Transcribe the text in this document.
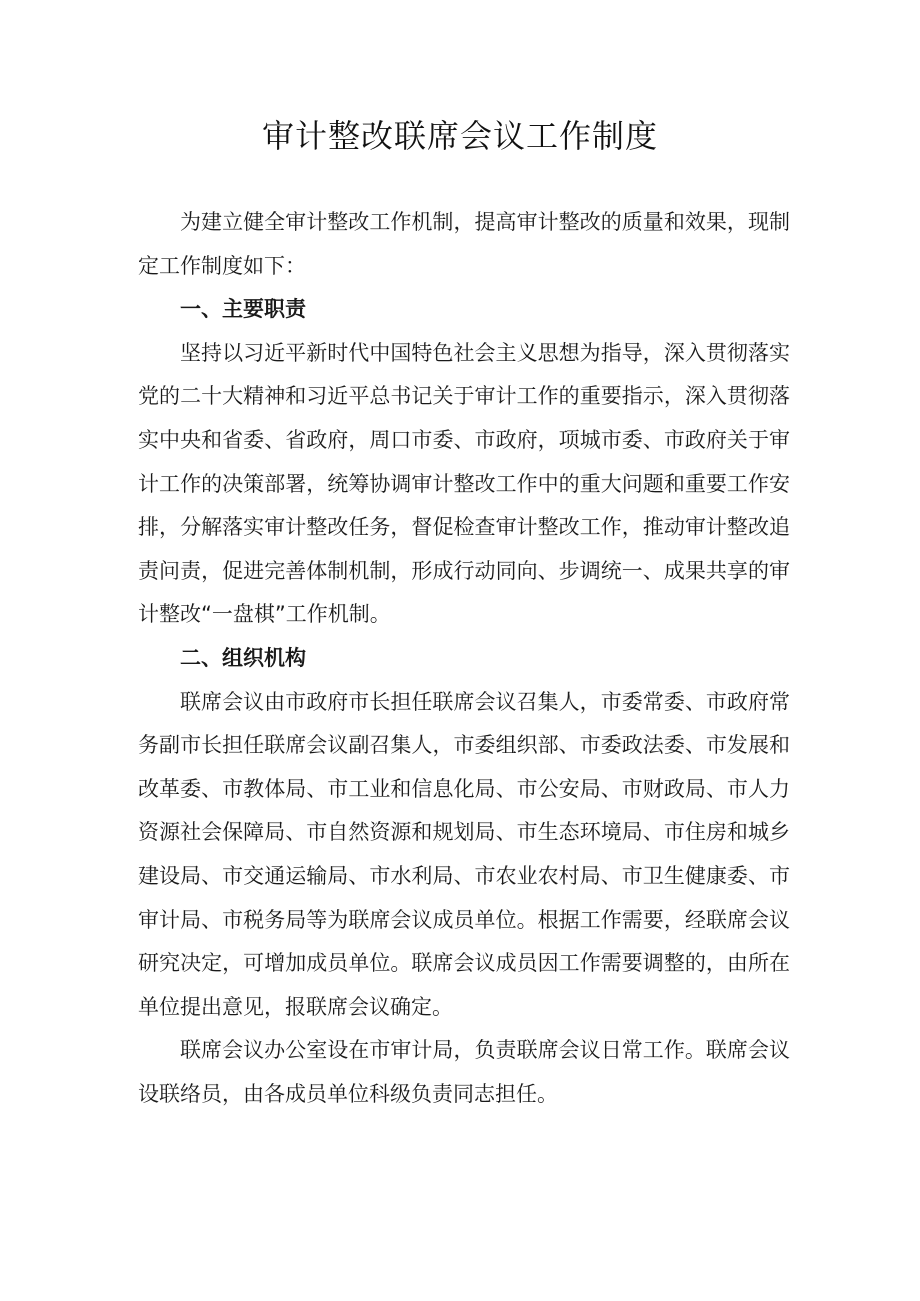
审计整改联席会议工作制度

为建立健全审计整改工作机制，提高审计整改的质量和效果，现制定工作制度如下：

一、主要职责

坚持以习近平新时代中国特色社会主义思想为指导，深入贯彻落实党的二十大精神和习近平总书记关于审计工作的重要指示，深入贯彻落实中央和省委、省政府，周口市委、市政府，项城市委、市政府关于审计工作的决策部署，统筹协调审计整改工作中的重大问题和重要工作安排，分解落实审计整改任务，督促检查审计整改工作，推动审计整改追责问责，促进完善体制机制，形成行动同向、步调统一、成果共享的审计整改“一盘棋”工作机制。

二、组织机构

联席会议由市政府市长担任联席会议召集人，市委常委、市政府常务副市长担任联席会议副召集人，市委组织部、市委政法委、市发展和改革委、市教体局、市工业和信息化局、市公安局、市财政局、市人力资源社会保障局、市自然资源和规划局、市生态环境局、市住房和城乡建设局、市交通运输局、市水利局、市农业农村局、市卫生健康委、市审计局、市税务局等为联席会议成员单位。根据工作需要，经联席会议研究决定，可增加成员单位。联席会议成员因工作需要调整的，由所在单位提出意见，报联席会议确定。

联席会议办公室设在市审计局，负责联席会议日常工作。联席会议设联络员，由各成员单位科级负责同志担任。
